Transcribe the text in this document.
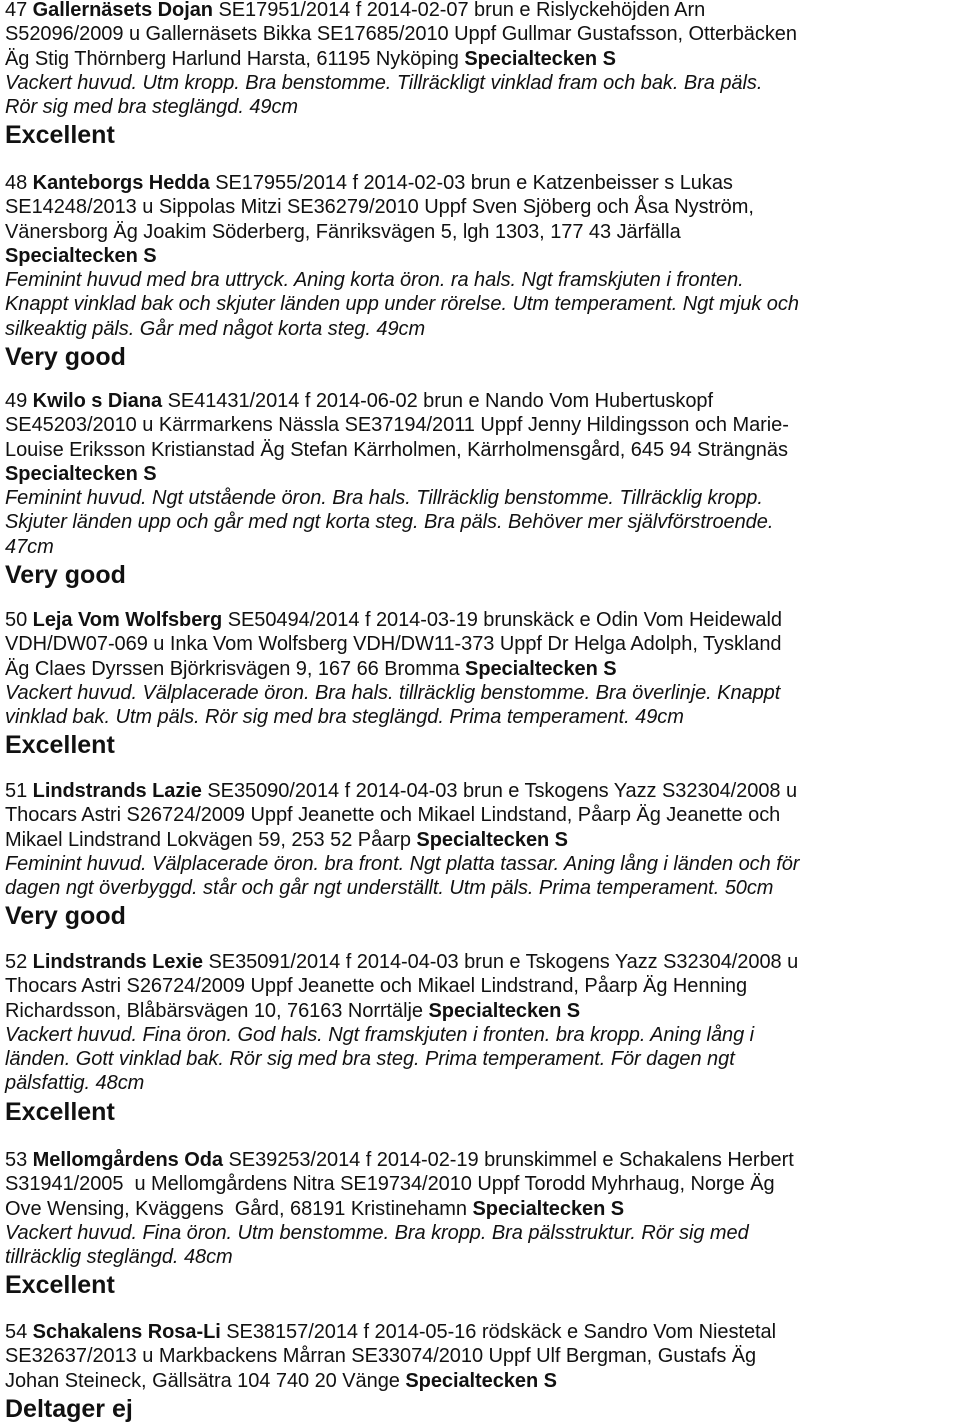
47 Gallernäsets Dojan SE17951/2014 f 2014-02-07 brun e Rislyckehöjden Arn
S52096/2009 u Gallernäsets Bikka SE17685/2010 Uppf Gullmar Gustafsson, Otterbäcken
Äg Stig Thörnberg Harlund Harsta, 61195 Nyköping Specialtecken S
Vackert huvud. Utm kropp. Bra benstomme. Tillräckligt vinklad fram och bak. Bra päls.
Rör sig med bra steglängd. 49cm
Excellent
48 Kanteborgs Hedda SE17955/2014 f 2014-02-03 brun e Katzenbeisser s Lukas
SE14248/2013 u Sippolas Mitzi SE36279/2010 Uppf Sven Sjöberg och Åsa Nyström,
Vänersborg Äg Joakim Söderberg, Fänriksvägen 5, lgh 1303, 177 43 Järfälla
Specialtecken S
Feminint huvud med bra uttryck. Aning korta öron. ra hals. Ngt framskjuten i fronten.
Knappt vinklad bak och skjuter länden upp under rörelse. Utm temperament. Ngt mjuk och
silkeaktig päls. Går med något korta steg. 49cm
Very good
49 Kwilo s Diana SE41431/2014 f 2014-06-02 brun e Nando Vom Hubertuskopf
SE45203/2010 u Kärrmarkens Nässla SE37194/2011 Uppf Jenny Hildingsson och Marie-
Louise Eriksson Kristianstad Äg Stefan Kärrholmen, Kärrholmensgård, 645 94 Strängnäs
Specialtecken S
Feminint huvud. Ngt utstående öron. Bra hals. Tillräcklig benstomme. Tillräcklig kropp.
Skjuter länden upp och går med ngt korta steg. Bra päls. Behöver mer självförstroende.
47cm
Very good
50 Leja Vom Wolfsberg SE50494/2014 f 2014-03-19 brunskäck e Odin Vom Heidewald
VDH/DW07-069 u Inka Vom Wolfsberg VDH/DW11-373 Uppf Dr Helga Adolph, Tyskland
Äg Claes Dyrssen Björkrisvägen 9, 167 66 Bromma Specialtecken S
Vackert huvud. Välplacerade öron. Bra hals. tillräcklig benstomme. Bra överlinje. Knappt
vinklad bak. Utm päls. Rör sig med bra steglängd. Prima temperament. 49cm
Excellent
51 Lindstrands Lazie SE35090/2014 f 2014-04-03 brun e Tskogens Yazz S32304/2008 u
Thocars Astri S26724/2009 Uppf Jeanette och Mikael Lindstand, Påarp Äg Jeanette och
Mikael Lindstrand Lokvägen 59, 253 52 Påarp Specialtecken S
Feminint huvud. Välplacerade öron. bra front. Ngt platta tassar. Aning lång i länden och för
dagen ngt överbyggd. står och går ngt underställt. Utm päls. Prima temperament. 50cm
Very good
52 Lindstrands Lexie SE35091/2014 f 2014-04-03 brun e Tskogens Yazz S32304/2008 u
Thocars Astri S26724/2009 Uppf Jeanette och Mikael Lindstrand, Påarp Äg Henning
Richardsson, Blåbärsvägen 10, 76163 Norrtälje Specialtecken S
Vackert huvud. Fina öron. God hals. Ngt framskjuten i fronten. bra kropp. Aning lång i
länden. Gott vinklad bak. Rör sig med bra steg. Prima temperament. För dagen ngt
pälsfattig. 48cm
Excellent
53 Mellomgårdens Oda SE39253/2014 f 2014-02-19 brunskimmel e Schakalens Herbert
S31941/2005  u Mellomgårdens Nitra SE19734/2010 Uppf Torodd Myhrhaug, Norge Äg
Ove Wensing, Kväggens  Gård, 68191 Kristinehamn Specialtecken S
Vackert huvud. Fina öron. Utm benstomme. Bra kropp. Bra pälsstruktur. Rör sig med
tillräcklig steglängd. 48cm
Excellent
54 Schakalens Rosa-Li SE38157/2014 f 2014-05-16 rödskäck e Sandro Vom Niestetal
SE32637/2013 u Markbackens Mårran SE33074/2010 Uppf Ulf Bergman, Gustafs Äg
Johan Steineck, Gällsätra 104 740 20 Vänge Specialtecken S
Deltager ej
